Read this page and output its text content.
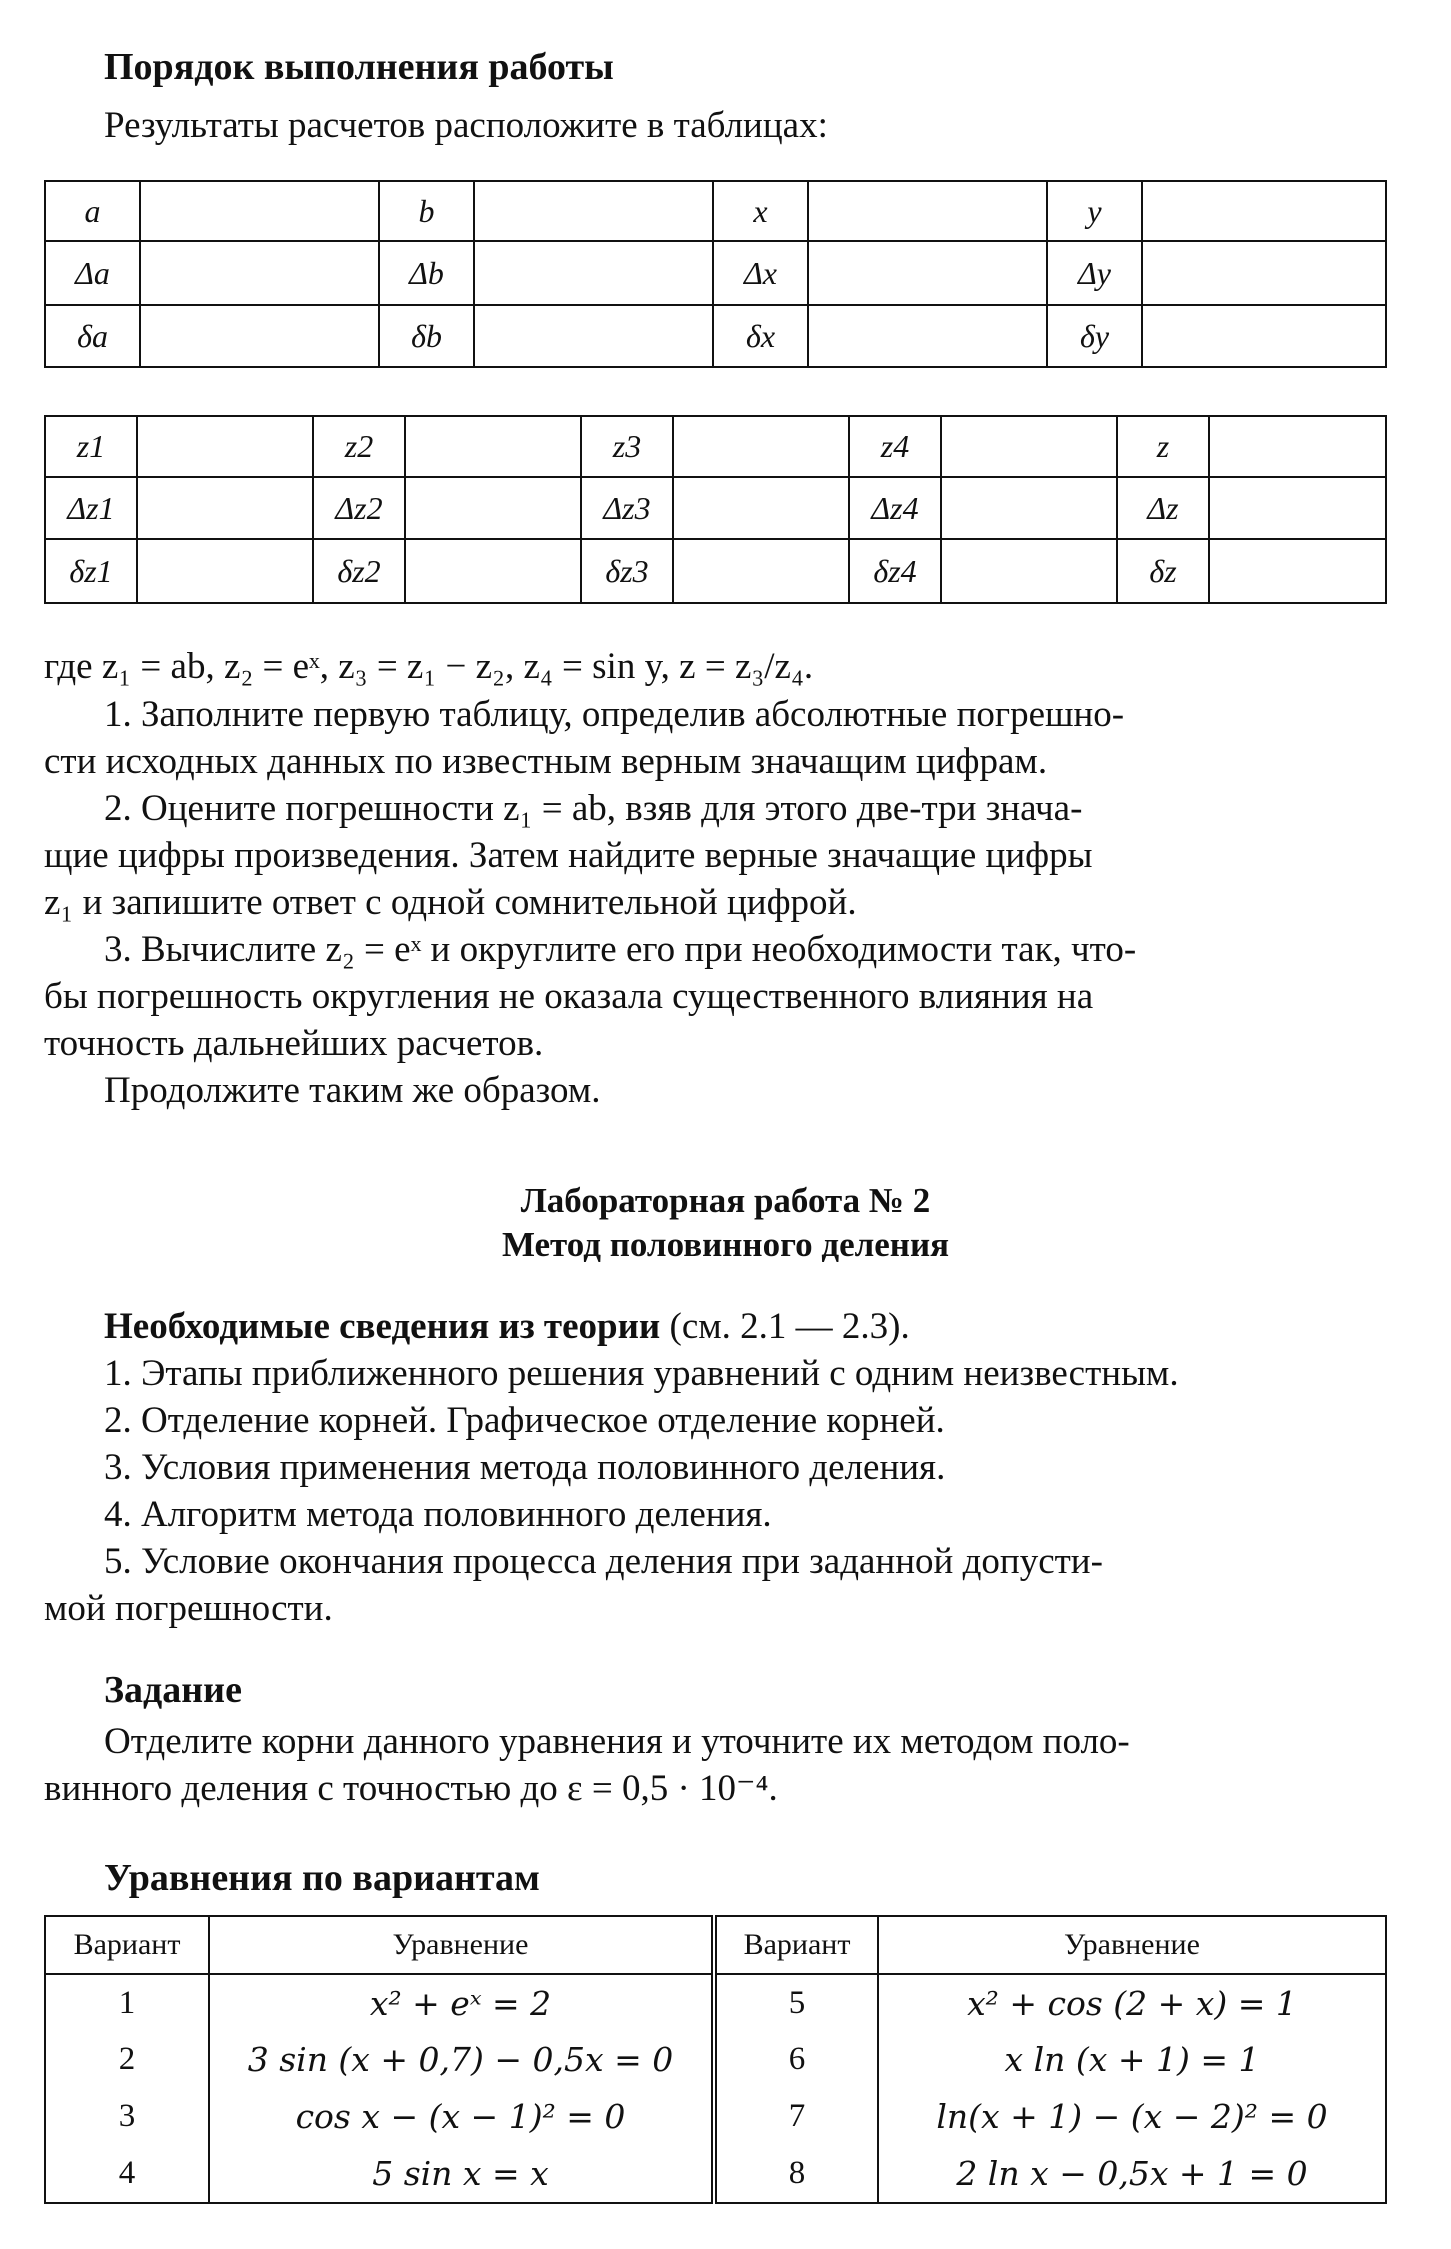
Порядок выполнения работы
Результаты расчетов расположите в таблицах:
a		b		x		y	
Δa		Δb		Δx		Δy	
δa		δb		δx		δy	
z1		z2		z3		z4		z	
Δz1		Δz2		Δz3		Δz4		Δz	
δz1		δz2		δz3		δz4		δz	
где z₁ = ab, z₂ = eˣ, z₃ = z₁ − z₂, z₄ = sin y, z = z₃/z₄.
1. Заполните первую таблицу, определив абсолютные погрешно-
сти исходных данных по известным верным значащим цифрам.
2. Оцените погрешности z₁ = ab, взяв для этого две-три знача-
щие цифры произведения. Затем найдите верные значащие цифры
z₁ и запишите ответ с одной сомнительной цифрой.
3. Вычислите z₂ = eˣ и округлите его при необходимости так, что-
бы погрешность округления не оказала существенного влияния на
точность дальнейших расчетов.
Продолжите таким же образом.
Лабораторная работа № 2
Метод половинного деления
Необходимые сведения из теории (см. 2.1 — 2.3).
1. Этапы приближенного решения уравнений с одним неизвестным.
2. Отделение корней. Графическое отделение корней.
3. Условия применения метода половинного деления.
4. Алгоритм метода половинного деления.
5. Условие окончания процесса деления при заданной допусти-
мой погрешности.
Задание
Отделите корни данного уравнения и уточните их методом поло-
винного деления с точностью до ε = 0,5 · 10⁻⁴.
Уравнения по вариантам
Вариант	Уравнение	Вариант	Уравнение
1	x² + eˣ = 2	5	x² + cos (2 + x) = 1
2	3 sin (x + 0,7) − 0,5x = 0	6	x ln (x + 1) = 1
3	cos x − (x − 1)² = 0	7	ln(x + 1) − (x − 2)² = 0
4	5 sin x = x	8	2 ln x − 0,5x + 1 = 0
